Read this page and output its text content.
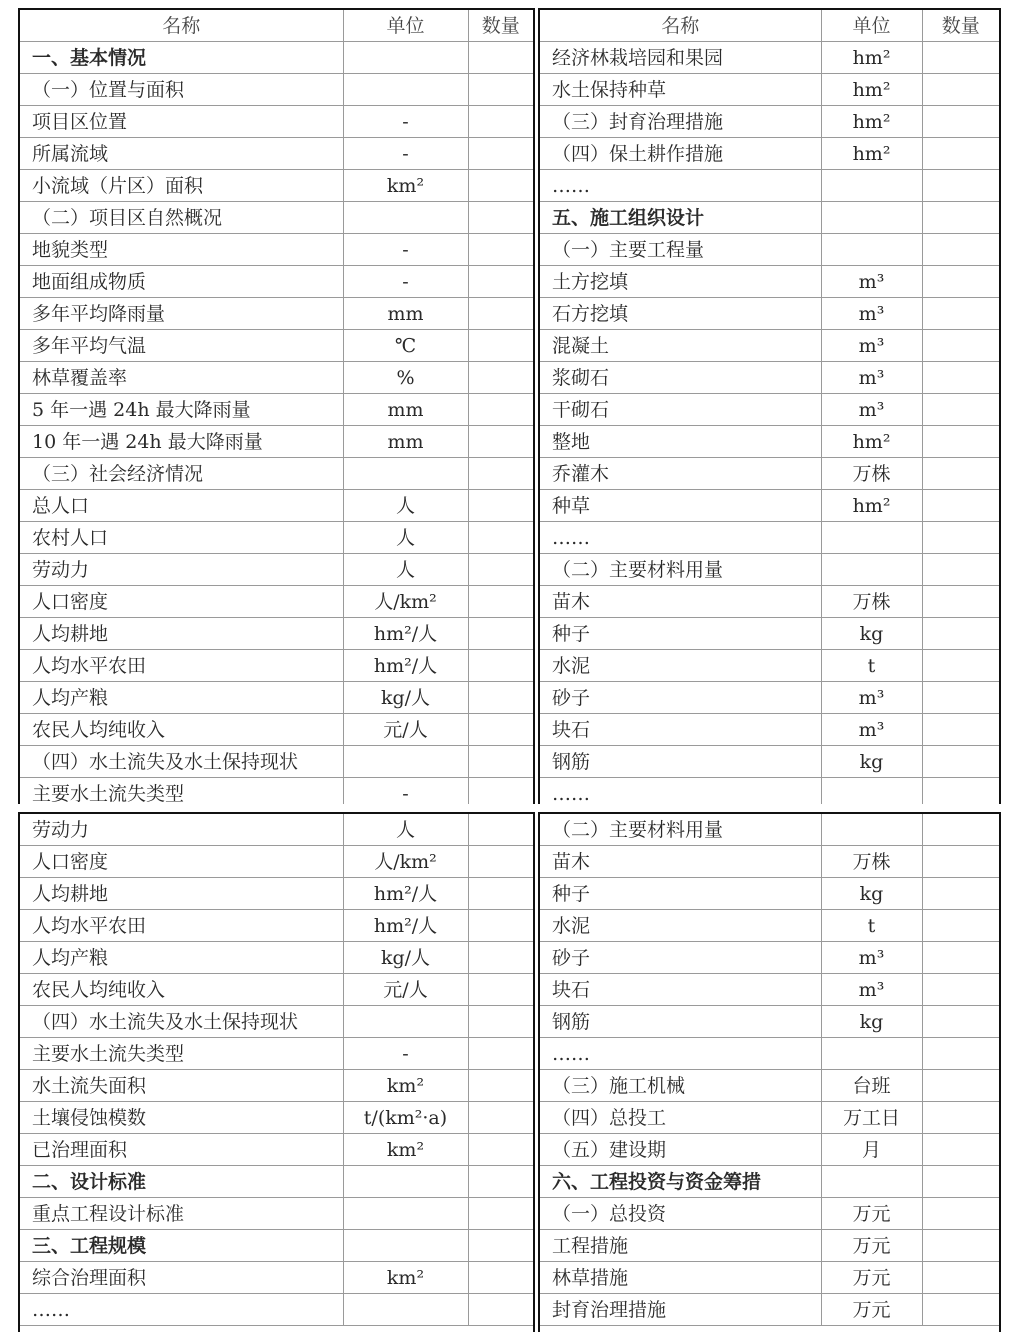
名称	单位	数量
一、基本情况		
（一）位置与面积		
项目区位置	-	
所属流域	-	
小流域（片区）面积	km²	
（二）项目区自然概况		
地貌类型	-	
地面组成物质	-	
多年平均降雨量	mm	
多年平均气温	℃	
林草覆盖率	%	
5 年一遇 24h 最大降雨量	mm	
10 年一遇 24h 最大降雨量	mm	
（三）社会经济情况		
总人口	人	
农村人口	人	
劳动力	人	
人口密度	人/km²	
人均耕地	hm²/人	
人均水平农田	hm²/人	
人均产粮	kg/人	
农民人均纯收入	元/人	
（四）水土流失及水土保持现状		
主要水土流失类型	-	
名称	单位	数量
经济林栽培园和果园	hm²	
水土保持种草	hm²	
（三）封育治理措施	hm²	
（四）保土耕作措施	hm²	
……		
五、施工组织设计		
（一）主要工程量		
土方挖填	m³	
石方挖填	m³	
混凝土	m³	
浆砌石	m³	
干砌石	m³	
整地	hm²	
乔灌木	万株	
种草	hm²	
……		
（二）主要材料用量		
苗木	万株	
种子	kg	
水泥	t	
砂子	m³	
块石	m³	
钢筋	kg	
……		
劳动力	人	
人口密度	人/km²	
人均耕地	hm²/人	
人均水平农田	hm²/人	
人均产粮	kg/人	
农民人均纯收入	元/人	
（四）水土流失及水土保持现状		
主要水土流失类型	-	
水土流失面积	km²	
土壤侵蚀模数	t/(km²·a)	
已治理面积	km²	
二、设计标准		
重点工程设计标准		
三、工程规模		
综合治理面积	km²	
……		
（二）主要材料用量		
苗木	万株	
种子	kg	
水泥	t	
砂子	m³	
块石	m³	
钢筋	kg	
……		
（三）施工机械	台班	
（四）总投工	万工日	
（五）建设期	月	
六、工程投资与资金筹措		
（一）总投资	万元	
工程措施	万元	
林草措施	万元	
封育治理措施	万元	
